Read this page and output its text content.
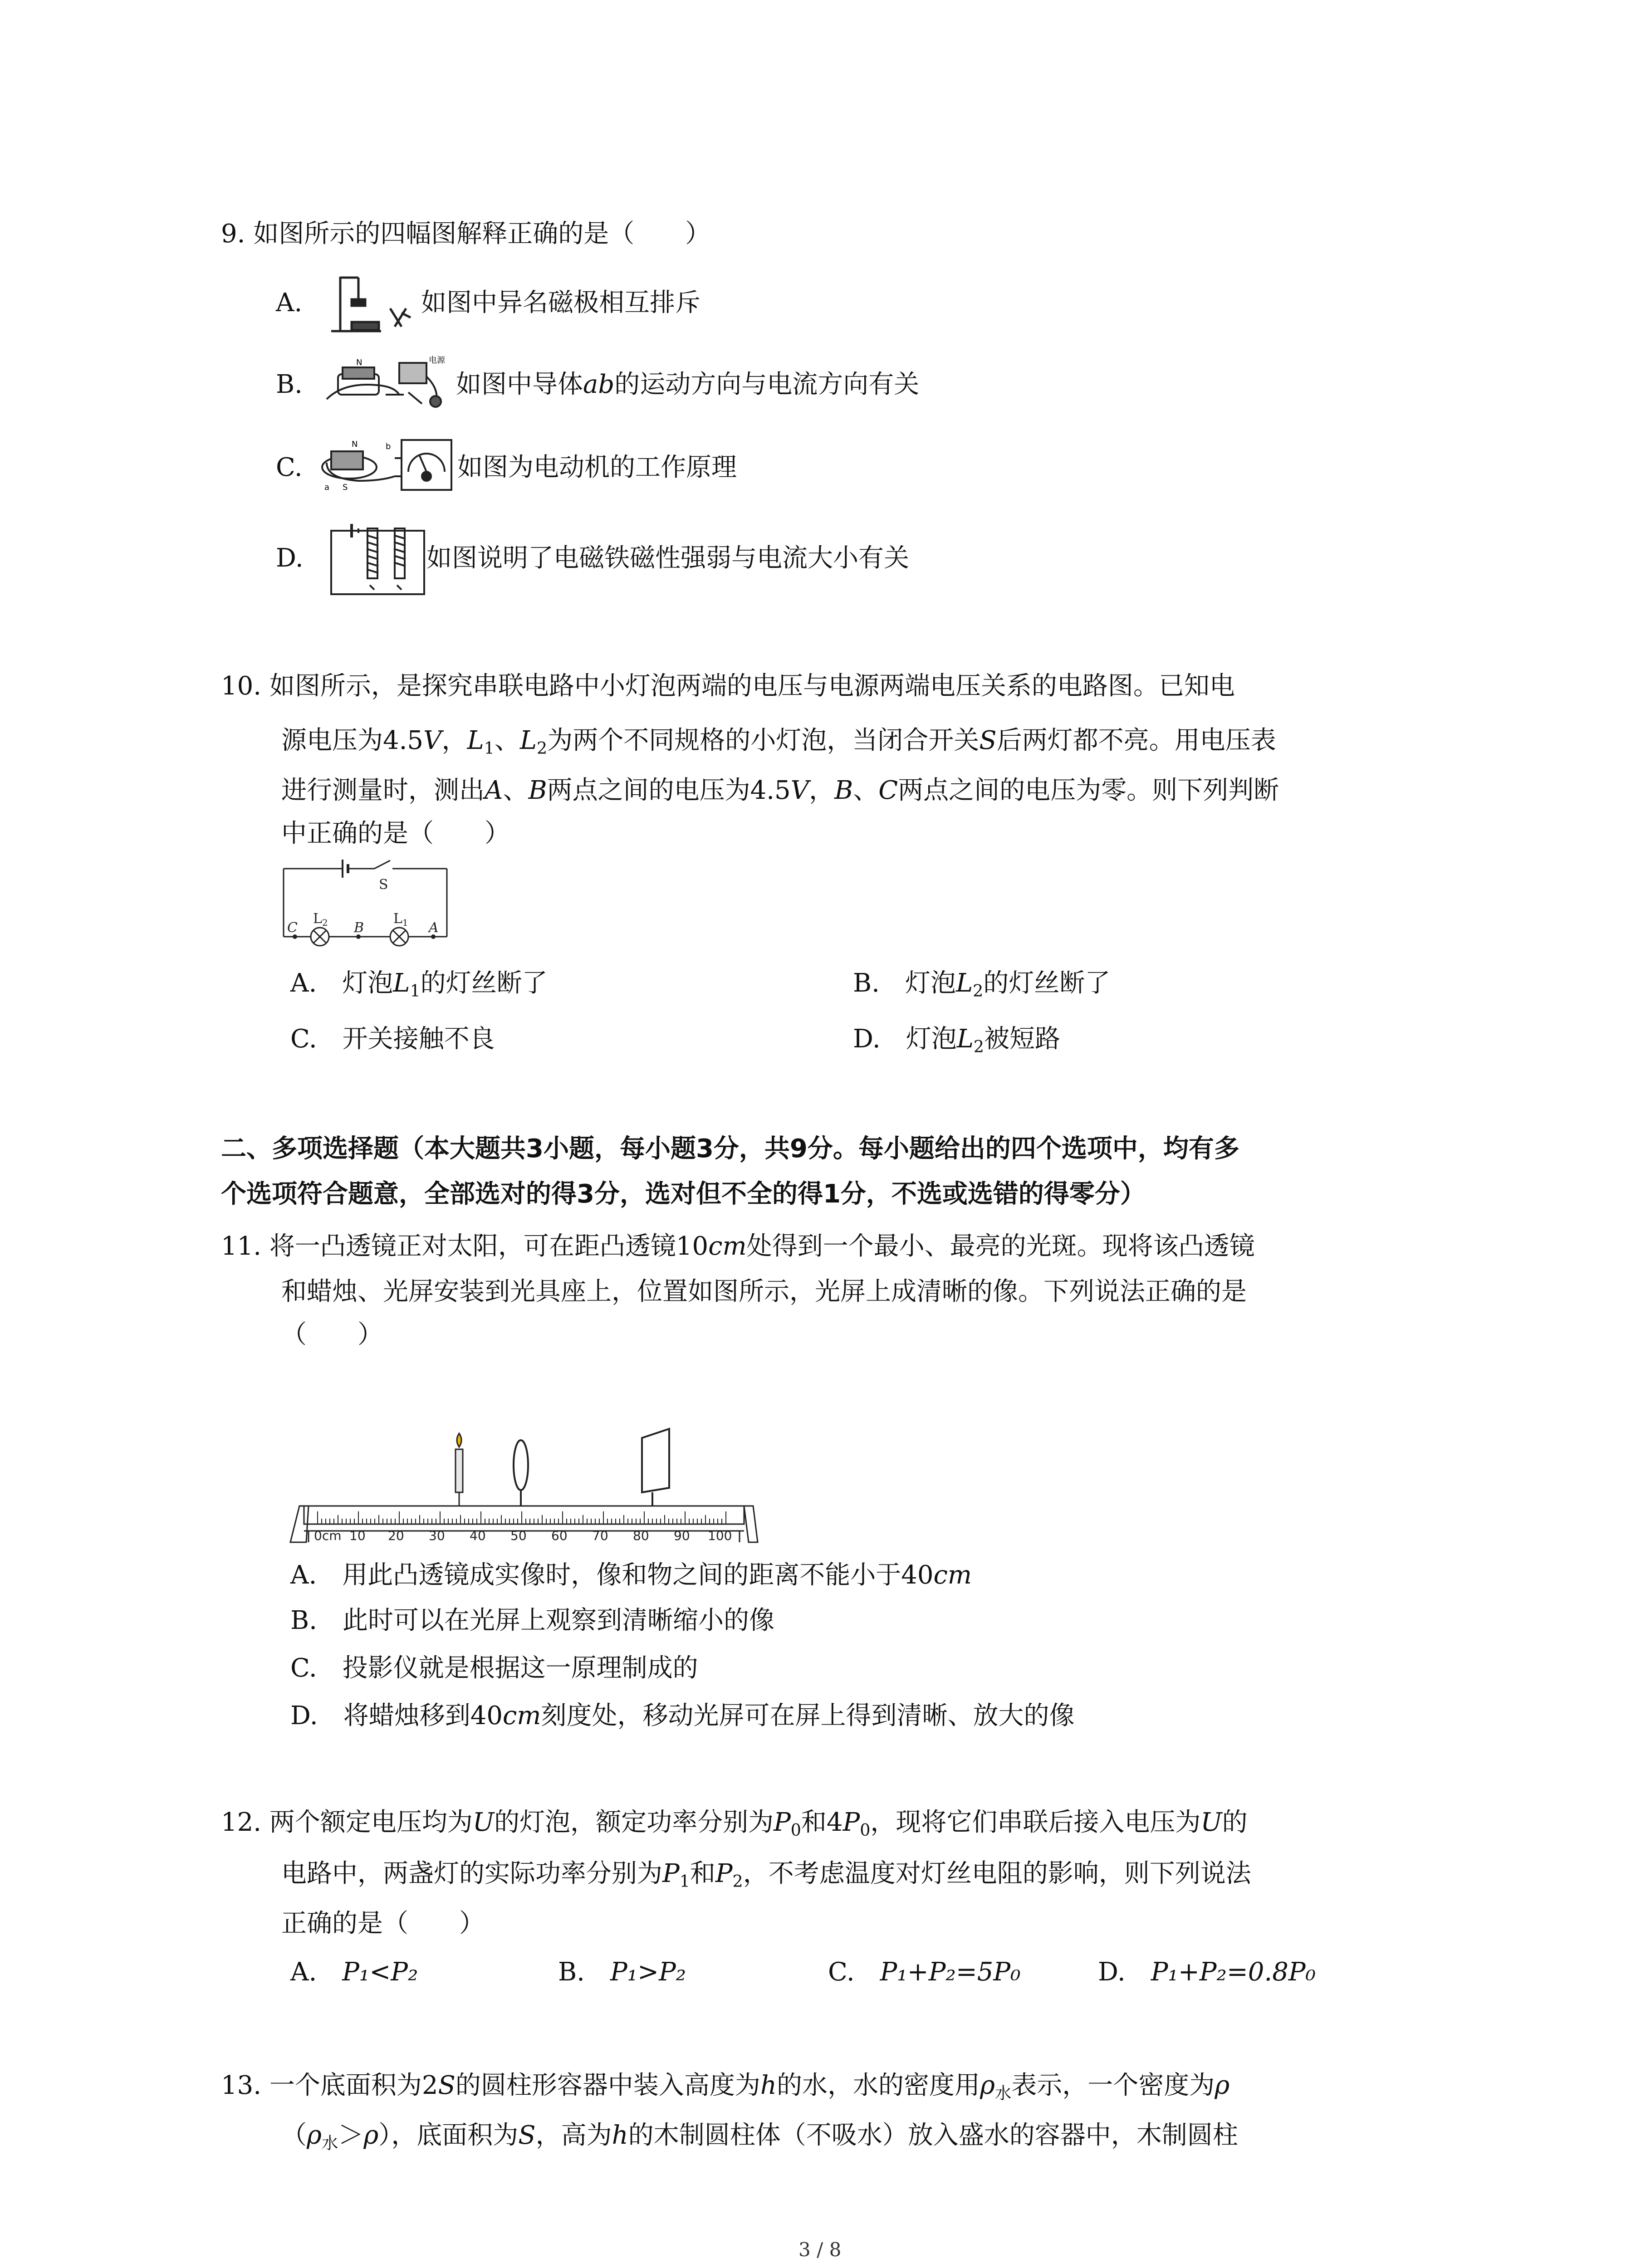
9. 如图所示的四幅图解释正确的是（　　）
A.	如图中异名磁极相互排斥
B.
N	电源
如图中导体ab的运动方向与电流方向有关
C.
N
S
a
b
如图为电动机的工作原理
D.	如图说明了电磁铁磁性强弱与电流大小有关
10. 如图所示，是探究串联电路中小灯泡两端的电压与电源两端电压关系的电路图。已知电
源电压为4.5V，$L_1$、$L_2$为两个不同规格的小灯泡，当闭合开关S后两灯都不亮。用电压表
进行测量时，测出A、B两点之间的电压为4.5V，B、C两点之间的电压为零。则下列判断
中正确的是（　　）
S
$L_2$	$L_1$
C	B	A
A.　 灯泡$L_1$的灯丝断了	B.　 灯泡$L_2$的灯丝断了
C.　 开关接触不良	D.　 灯泡$L_2$被短路
二、多项选择题（本大题共3小题，每小题3分，共9分。每小题给出的四个选项中，均有多
个选项符合题意，全部选对的得3分，选对但不全的得1分，不选或选错的得零分）
11. 将一凸透镜正对太阳，可在距凸透镜10cm处得到一个最小、最亮的光斑。现将该凸透镜
和蜡烛、光屏安装到光具座上，位置如图所示，光屏上成清晰的像。下列说法正确的是
（　　）
0cm 10 20 30 40 50 60 70 80 90 100
A.　 用此凸透镜成实像时，像和物之间的距离不能小于40cm
B.　 此时可以在光屏上观察到清晰缩小的像
C.　 投影仪就是根据这一原理制成的
D.　 将蜡烛移到40cm刻度处，移动光屏可在屏上得到清晰、放大的像
12. 两个额定电压均为U的灯泡，额定功率分别为$P_0$和$4P_0$，现将它们串联后接入电压为U的
电路中，两盏灯的实际功率分别为$P_1$和$P_2$，不考虑温度对灯丝电阻的影响，则下列说法
正确的是（　　）
A.　 P₁<P₂	B.　 P₁>P₂	C.　 P₁+P₂=5P₀	D.　 P₁+P₂=0.8P₀
13. 一个底面积为2S的圆柱形容器中装入高度为h的水，水的密度用$\rho_水$表示，一个密度为ρ
$(\rho_水>\rho)$，底面积为S，高为h的木制圆柱体（不吸水）放入盛水的容器中，木制圆柱
3 / 8
